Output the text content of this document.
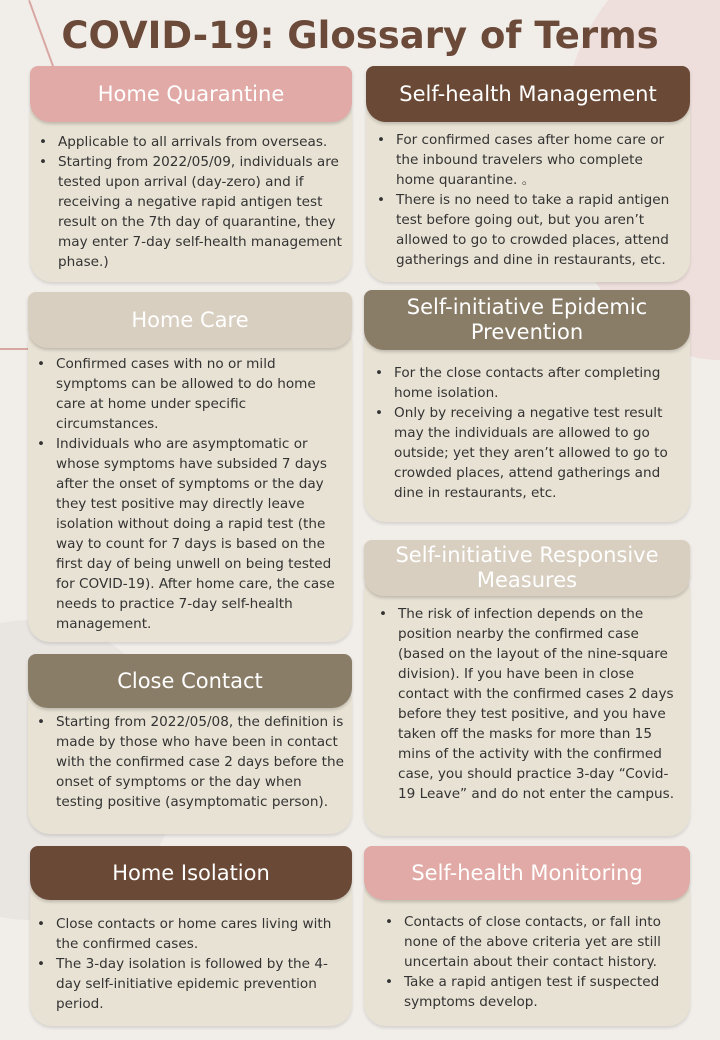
COVID-19: Glossary of Terms
Home Quarantine
• Applicable to all arrivals from overseas.
• Starting from 2022/05/09, individuals are tested upon arrival (day-zero) and if receiving a negative rapid antigen test result on the 7th day of quarantine, they may enter 7-day self-health management phase.)
Self-health Management
• For confirmed cases after home care or the inbound travelers who complete home quarantine. 。
• There is no need to take a rapid antigen test before going out, but you aren’t allowed to go to crowded places, attend gatherings and dine in restaurants, etc.
Home Care
• Confirmed cases with no or mild symptoms can be allowed to do home care at home under specific circumstances.
• Individuals who are asymptomatic or whose symptoms have subsided 7 days after the onset of symptoms or the day they test positive may directly leave isolation without doing a rapid test (the way to count for 7 days is based on the first day of being unwell on being tested for COVID-19). After home care, the case needs to practice 7-day self-health management.
Self-initiative Epidemic Prevention
• For the close contacts after completing home isolation.
• Only by receiving a negative test result may the individuals are allowed to go outside; yet they aren’t allowed to go to crowded places, attend gatherings and dine in restaurants, etc.
Self-initiative Responsive Measures
• The risk of infection depends on the position nearby the confirmed case (based on the layout of the nine-square division). If you have been in close contact with the confirmed cases 2 days before they test positive, and you have taken off the masks for more than 15 mins of the activity with the confirmed case, you should practice 3-day “Covid-19 Leave” and do not enter the campus.
Close Contact
• Starting from 2022/05/08, the definition is made by those who have been in contact with the confirmed case 2 days before the onset of symptoms or the day when testing positive (asymptomatic person).
Home Isolation
• Close contacts or home cares living with the confirmed cases.
• The 3-day isolation is followed by the 4-day self-initiative epidemic prevention period.
Self-health Monitoring
• Contacts of close contacts, or fall into none of the above criteria yet are still uncertain about their contact history.
• Take a rapid antigen test if suspected symptoms develop.
